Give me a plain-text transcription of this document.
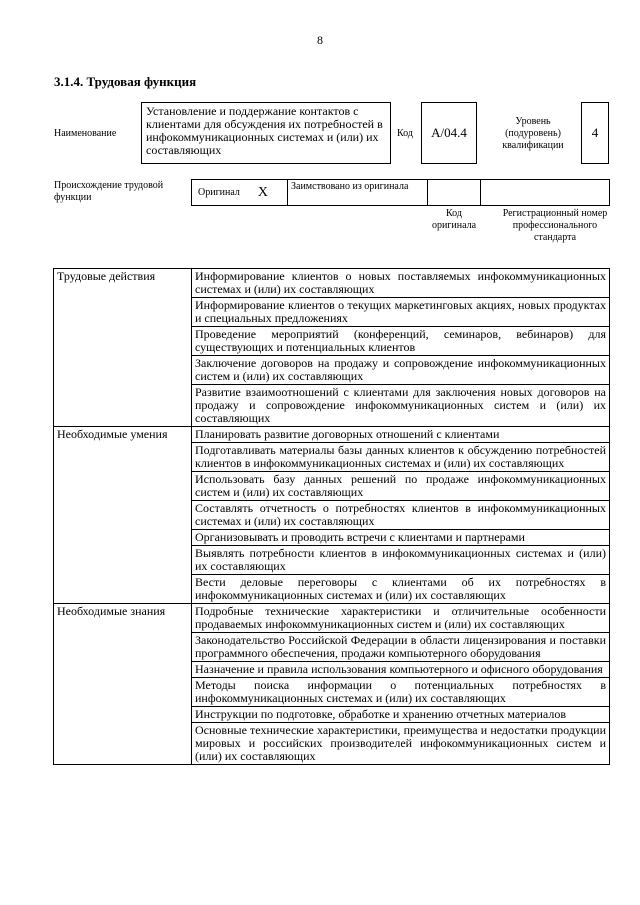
8
3.1.4. Трудовая функция
Наименование
Установление и поддержание контактов с клиентами для обсуждения их потребностей в инфокоммуникационных системах и (или) их составляющих
Код	A/04.4
Уровень (подуровень) квалификации
4
Происхождение трудовой функции	Оригинал X	Заимствовано из оригинала
Код оригинала
Регистрационный номер профессионального стандарта
Трудовые действия	Информирование клиентов о новых поставляемых инфокоммуникационных системах и (или) их составляющих
	Информирование клиентов о текущих маркетинговых акциях, новых продуктах и специальных предложениях
	Проведение мероприятий (конференций, семинаров, вебинаров) для существующих и потенциальных клиентов
	Заключение договоров на продажу и сопровождение инфокоммуникационных систем и (или) их составляющих
	Развитие взаимоотношений с клиентами для заключения новых договоров на продажу и сопровождение инфокоммуникационных систем и (или) их составляющих
Необходимые умения	Планировать развитие договорных отношений с клиентами
	Подготавливать материалы базы данных клиентов к обсуждению потребностей клиентов в инфокоммуникационных системах и (или) их составляющих
	Использовать базу данных решений по продаже инфокоммуникационных систем и (или) их составляющих
	Составлять отчетность о потребностях клиентов в инфокоммуникационных системах и (или) их составляющих
	Организовывать и проводить встречи с клиентами и партнерами
	Выявлять потребности клиентов в инфокоммуникационных системах и (или) их составляющих
	Вести деловые переговоры с клиентами об их потребностях в инфокоммуникационных системах и (или) их составляющих
Необходимые знания	Подробные технические характеристики и отличительные особенности продаваемых инфокоммуникационных систем и (или) их составляющих
	Законодательство Российской Федерации в области лицензирования и поставки программного обеспечения, продажи компьютерного оборудования
	Назначение и правила использования компьютерного и офисного оборудования
	Методы поиска информации о потенциальных потребностях в инфокоммуникационных системах и (или) их составляющих
	Инструкции по подготовке, обработке и хранению отчетных материалов
	Основные технические характеристики, преимущества и недостатки продукции мировых и российских производителей инфокоммуникационных систем и (или) их составляющих
